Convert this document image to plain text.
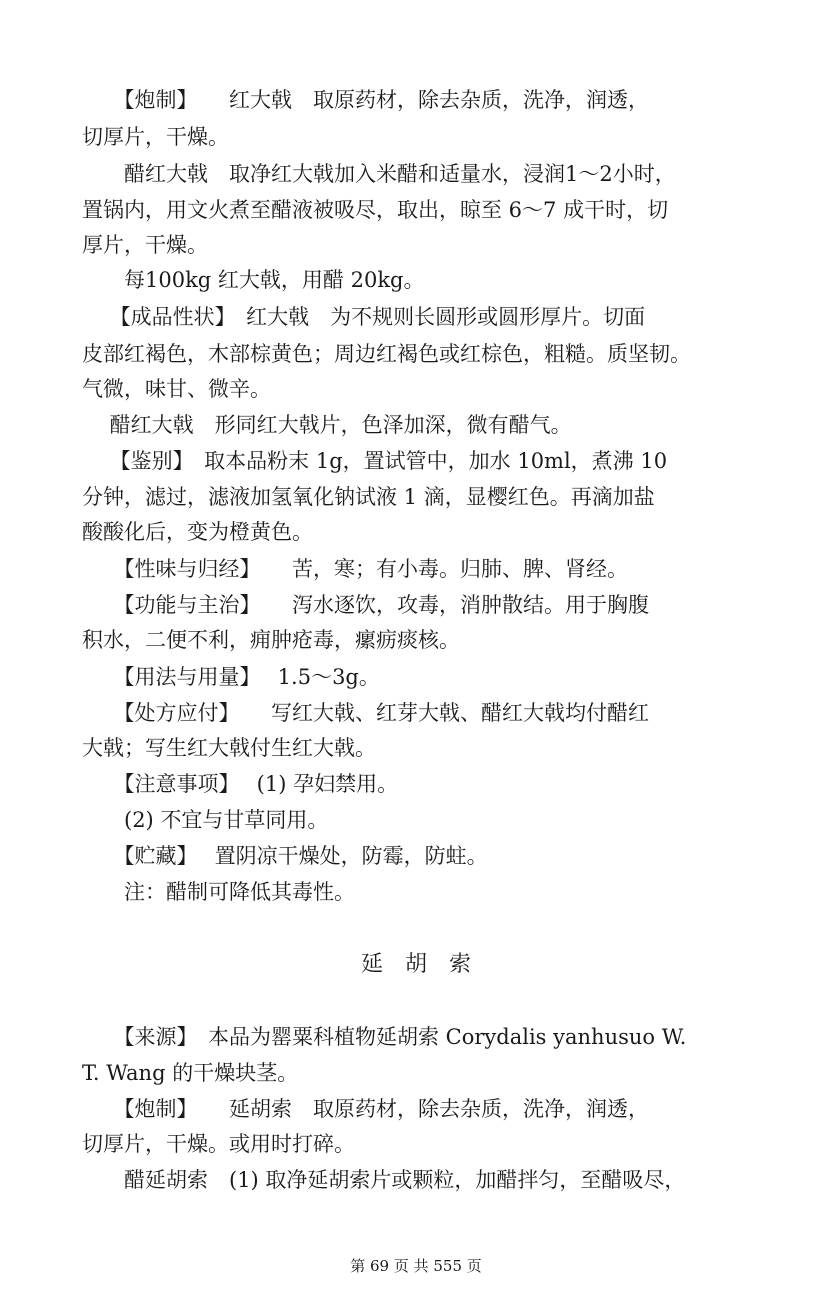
　　【炮制】　　红大戟　取原药材，除去杂质，洗净，润透，
切厚片，干燥。
　　醋红大戟　取净红大戟加入米醋和适量水，浸润1～2小时，
置锅内，用文火煮至醋液被吸尽，取出，晾至 6～7 成干时，切
厚片，干燥。
　　每100kg 红大戟，用醋 20kg。
　 【成品性状】　红大戟　为不规则长圆形或圆形厚片。切面
皮部红褐色，木部棕黄色；周边红褐色或红棕色，粗糙。质坚韧。
气微，味甘、微辛。
　 醋红大戟　形同红大戟片，色泽加深，微有醋气。
　 【鉴别】　取本品粉末 1g，置试管中，加水 10ml，煮沸 10
分钟，滤过，滤液加氢氧化钠试液 1 滴，显樱红色。再滴加盐
酸酸化后，变为橙黄色。
　　【性味与归经】　　苦，寒；有小毒。归肺、脾、肾经。
　　【功能与主治】　　泻水逐饮，攻毒，消肿散结。用于胸腹
积水，二便不利，痈肿疮毒，瘰疬痰核。
　　【用法与用量】　 1.5～3g。
　　【处方应付】　　写红大戟、红芽大戟、醋红大戟均付醋红
大戟；写生红大戟付生红大戟。
　　【注意事项】　 (1) 孕妇禁用。
　　(2) 不宜与甘草同用。
　　【贮藏】　 置阴凉干燥处，防霉，防蛀。
　　注：醋制可降低其毒性。
延　胡　索
　　【来源】　本品为罂粟科植物延胡索 Corydalis yanhusuo W.
T. Wang 的干燥块茎。
　　【炮制】　　延胡索　取原药材，除去杂质，洗净，润透，
切厚片，干燥。或用时打碎。
　　醋延胡索　(1) 取净延胡索片或颗粒，加醋拌匀，至醋吸尽，
第 69 页 共 555 页
